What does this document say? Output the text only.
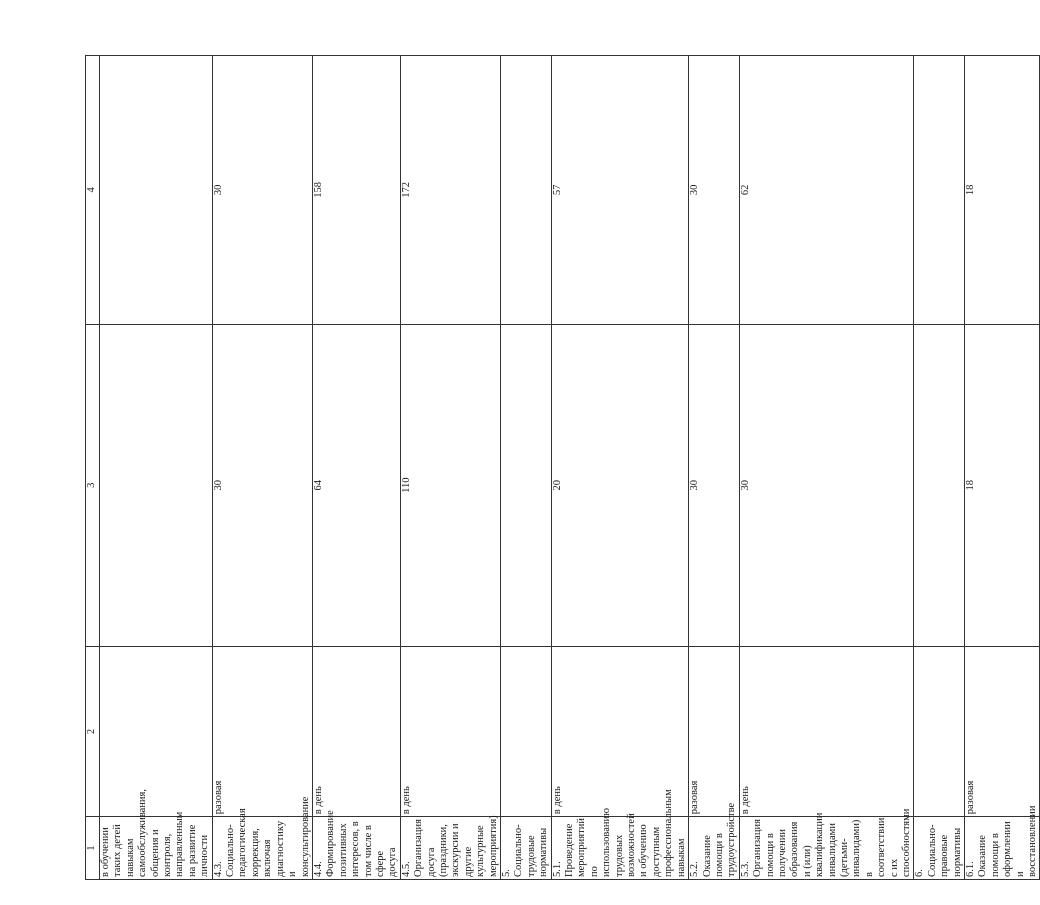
1	2	3	4
в обучении таких детей навыкам самообслуживания, общения и контроля, направленным на развитие личности			
4.3. Социально-педагогическая коррекция, включая диагностику и консультирование	разовая	30	30
4.4. Формирование позитивных интересов, в том числе в сфере досуга	в день	64	158
4.5. Организация досуга (праздники, экскурсии и другие культурные мероприятия)	в день	110	172
5. Социально-трудовые нормативы			
5.1. Проведение мероприятий по использованию трудовых возможностей и обучению доступным профессиональным навыкам	в день	20	57
5.2. Оказание помощи в трудоустройстве	разовая	30	30
5.3. Организация помощи в получении образования и (или) квалификации инвалидами (детьми-инвалидами) в соответствии с их способностями	в день	30	62
6. Социально-правовые нормативы			
6.1. Оказание помощи в оформлении и восстановлении	разовая	18	18
